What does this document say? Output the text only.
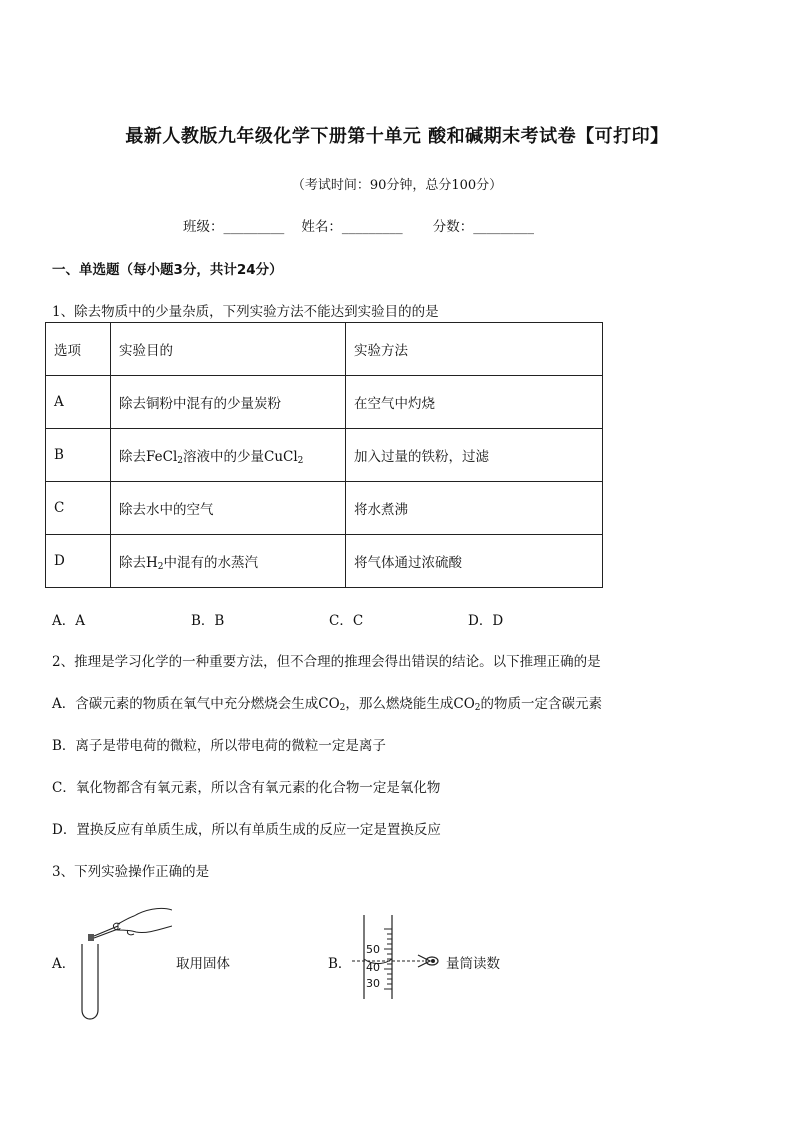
最新人教版九年级化学下册第十单元 酸和碱期末考试卷【可打印】
（考试时间：90分钟，总分100分）
班级：_________ 姓名：_________ 分数：_________
一、单选题（每小题3分，共计24分）
1、除去物质中的少量杂质，下列实验方法不能达到实验目的的是
选项	实验目的	实验方法
A	除去铜粉中混有的少量炭粉	在空气中灼烧
B	除去FeCl$_2$溶液中的少量CuCl$_2$	加入过量的铁粉，过滤
C	除去水中的空气	将水煮沸
D	除去$H_2$中混有的水蒸汽	将气体通过浓硫酸
A．A	B．B	C．C	D．D
2、推理是学习化学的一种重要方法，但不合理的推理会得出错误的结论。以下推理正确的是
A．含碳元素的物质在氧气中充分燃烧会生成$CO_2$，那么燃烧能生成$CO_2$的物质一定含碳元素
B．离子是带电荷的微粒，所以带电荷的微粒一定是离子
C．氧化物都含有氧元素，所以含有氧元素的化合物一定是氧化物
D．置换反应有单质生成，所以有单质生成的反应一定是置换反应
3、下列实验操作正确的是
A．	取用固体	B．
50
40
30
量筒读数
